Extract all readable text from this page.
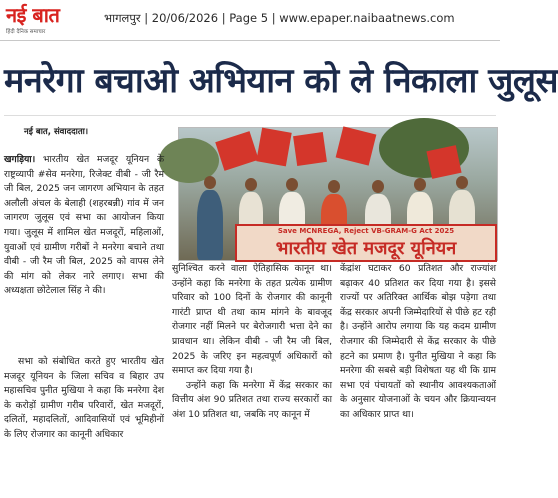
नई बात
हिंदी दैनिक समाचार
भागलपुर | 20/06/2026 | Page 5 | www.epaper.naibaatnews.com
मनरेगा बचाओ अभियान को ले निकाला जुलूस
नई बात, संवाददाता।
Save MCNREGA, Reject VB-GRAM-G Act 2025
भारतीय खेत मजदूर यूनियन

खगड़िया। भारतीय खेत मजदूर यूनियन के राष्ट्रव्यापी #सेव मनरेगा, रिजेक्ट वीबी - जी रैम जी बिल, 2025 जन जागरण अभियान के तहत अलौली अंचल के बेलाही (शहरबन्नी) गांव में जन जागरण जुलूस एवं सभा का आयोजन किया गया। जुलूस में शामिल खेत मजदूरों, महिलाओं, युवाओं एवं ग्रामीण गरीबों ने मनरेगा बचाने तथा वीबी - जी रैम जी बिल, 2025 को वापस लेने की मांग को लेकर नारे लगाए। सभा की अध्यक्षता छोटेलाल सिंह ने की।

सभा को संबोधित करते हुए भारतीय खेत मजदूर यूनियन के जिला सचिव व बिहार उप महासचिव पुनीत मुखिया ने कहा कि मनरेगा देश के करोड़ों ग्रामीण गरीब परिवारों, खेत मजदूरों, दलितों, महादलितों, आदिवासियों एवं भूमिहीनों के लिए रोजगार का कानूनी अधिकार

सुनिश्चित करने वाला ऐतिहासिक कानून था। उन्होंने कहा कि मनरेगा के तहत प्रत्येक ग्रामीण परिवार को 100 दिनों के रोजगार की कानूनी गारंटी प्राप्त थी तथा काम मांगने के बावजूद रोजगार नहीं मिलने पर बेरोजगारी भत्ता देने का प्रावधान था। लेकिन वीबी - जी रैम जी बिल, 2025 के जरिए इन महत्वपूर्ण अधिकारों को समाप्त कर दिया गया है।

उन्होंने कहा कि मनरेगा में केंद्र सरकार का वित्तीय अंश 90 प्रतिशत तथा राज्य सरकारों का अंश 10 प्रतिशत था, जबकि नए कानून में

केंद्रांश घटाकर 60 प्रतिशत और राज्यांश बढ़ाकर 40 प्रतिशत कर दिया गया है। इससे राज्यों पर अतिरिक्त आर्थिक बोझ पड़ेगा तथा केंद्र सरकार अपनी जिम्मेदारियों से पीछे हट रही है। उन्होंने आरोप लगाया कि यह कदम ग्रामीण रोजगार की जिम्मेदारी से केंद्र सरकार के पीछे हटने का प्रमाण है। पुनीत मुखिया ने कहा कि मनरेगा की सबसे बड़ी विशेषता यह थी कि ग्राम सभा एवं पंचायतों को स्थानीय आवश्यकताओं के अनुसार योजनाओं के चयन और क्रियान्वयन का अधिकार प्राप्त था।
